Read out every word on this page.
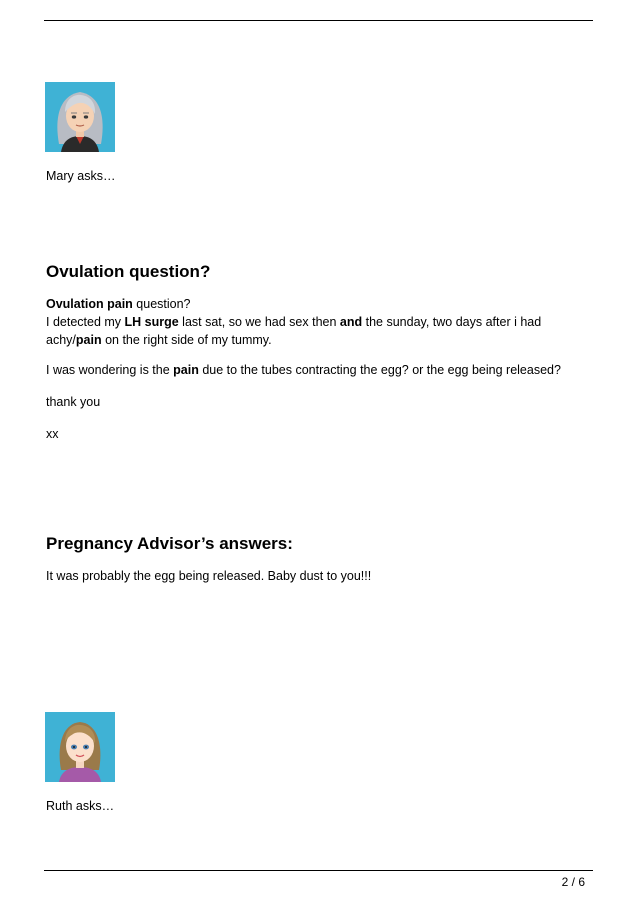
Mary asks…
Ovulation question?
Ovulation pain question?
I detected my LH surge last sat, so we had sex then and the sunday, two days after i had
achy/pain on the right side of my tummy.
I was wondering is the pain due to the tubes contracting the egg? or the egg being released?
thank you
xx
Pregnancy Advisor’s answers:
It was probably the egg being released. Baby dust to you!!!
Ruth asks…
2 / 6
